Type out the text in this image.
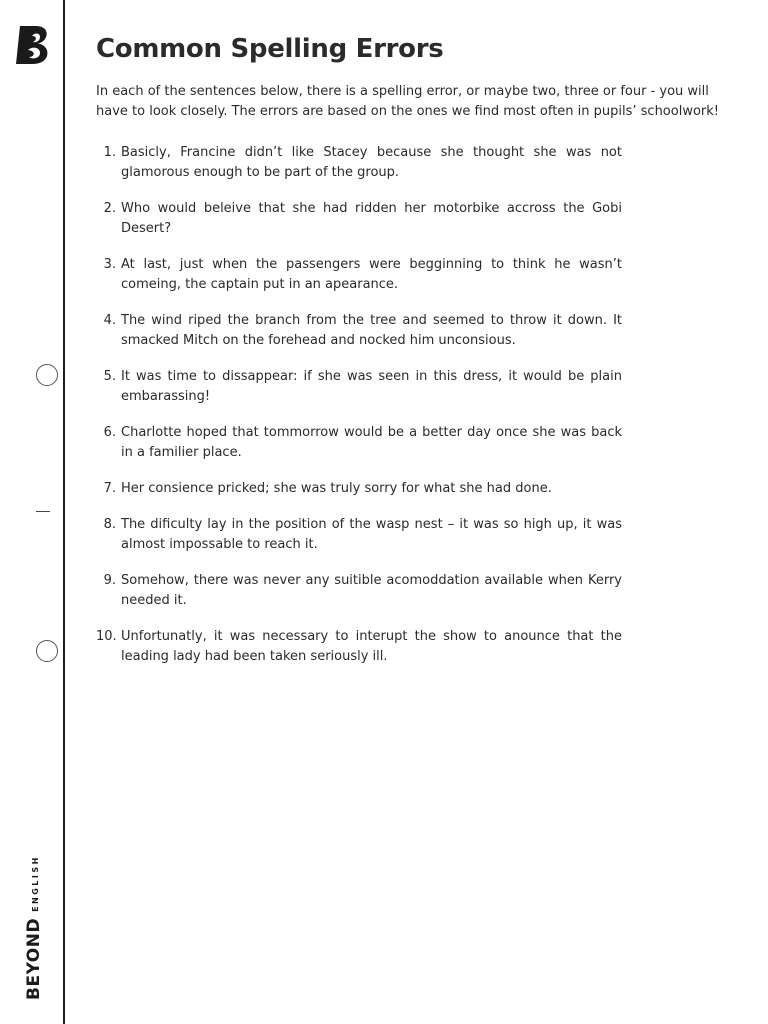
BEYONDENGLISH
Common Spelling Errors

In each of the sentences below, there is a spelling error, or maybe two, three or four - you will have to look closely. The errors are based on the ones we find most often in pupils’ schoolwork!

1. Basicly, Francine didn’t like Stacey because she thought she was not glamorous enough to be part of the group.
2. Who would beleive that she had ridden her motorbike accross the Gobi Desert?
3. At last, just when the passengers were begginning to think he wasn’t comeing, the captain put in an apearance.
4. The wind riped the branch from the tree and seemed to throw it down. It smacked Mitch on the forehead and nocked him unconsious.
5. It was time to dissappear: if she was seen in this dress, it would be plain embarassing!
6. Charlotte hoped that tommorrow would be a better day once she was back in a familier place.
7. Her consience pricked; she was truly sorry for what she had done.
8. The dificulty lay in the position of the wasp nest – it was so high up, it was almost impossable to reach it.
9. Somehow, there was never any suitible acomoddation available when Kerry needed it.
10. Unfortunatly, it was necessary to interupt the show to anounce that the leading lady had been taken seriously ill.
